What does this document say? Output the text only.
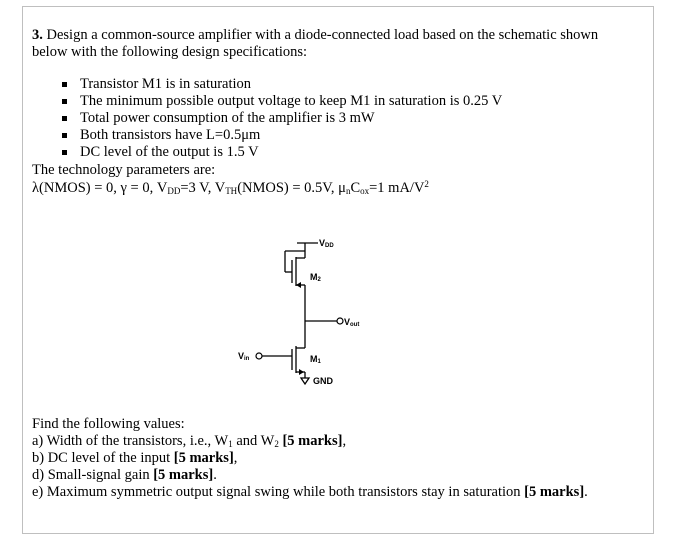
3. Design a common-source amplifier with a diode-connected load based on the schematic shown
below with the following design specifications:
Transistor M1 is in saturation
The minimum possible output voltage to keep M1 in saturation is 0.25 V
Total power consumption of the amplifier is 3 mW
Both transistors have L=0.5μm
DC level of the output is 1.5 V
The technology parameters are:
λ(NMOS) = 0, γ = 0, $V_{DD}=3$ V, $V_{TH}(NMOS) = 0.5V$, $\mu_nC_{ox}=1$ $mA/V^2$
VDD
M2
Vout
Vin	M1
GND
Find the following values:
a) Width of the transistors, i.e., $W_1$ and $W_2$ [5 marks],
b) DC level of the input [5 marks],
d) Small-signal gain [5 marks].
e) Maximum symmetric output signal swing while both transistors stay in saturation [5 marks].
